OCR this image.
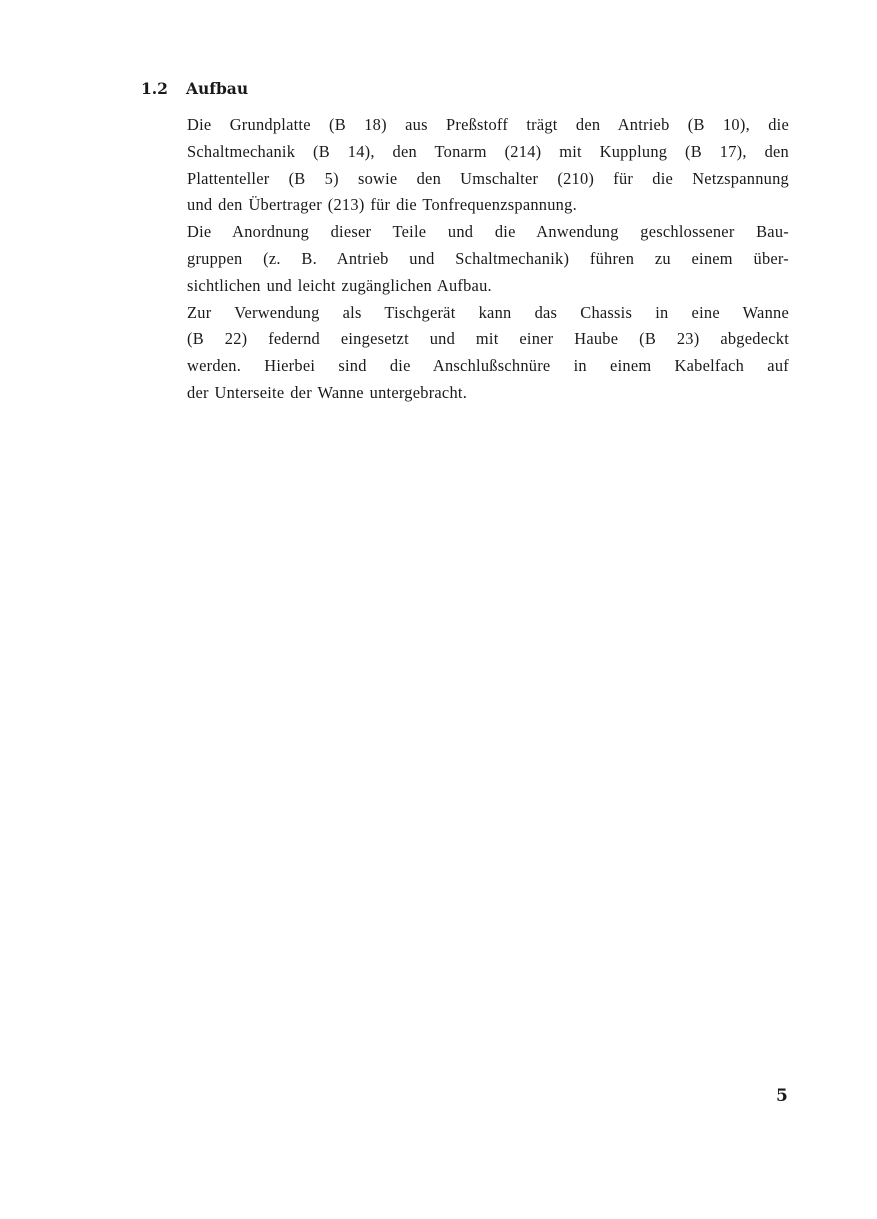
1.2 Aufbau
Die Grundplatte (B 18) aus Preßstoff trägt den Antrieb (B 10), die
Schaltmechanik (B 14), den Tonarm (214) mit Kupplung (B 17), den
Plattenteller (B 5) sowie den Umschalter (210) für die Netzspannung
und den Übertrager (213) für die Tonfrequenzspannung.
Die Anordnung dieser Teile und die Anwendung geschlossener Bau-
gruppen (z. B. Antrieb und Schaltmechanik) führen zu einem über-
sichtlichen und leicht zugänglichen Aufbau.
Zur Verwendung als Tischgerät kann das Chassis in eine Wanne
(B 22) federnd eingesetzt und mit einer Haube (B 23) abgedeckt
werden. Hierbei sind die Anschlußschnüre in einem Kabelfach auf
der Unterseite der Wanne untergebracht.
5
